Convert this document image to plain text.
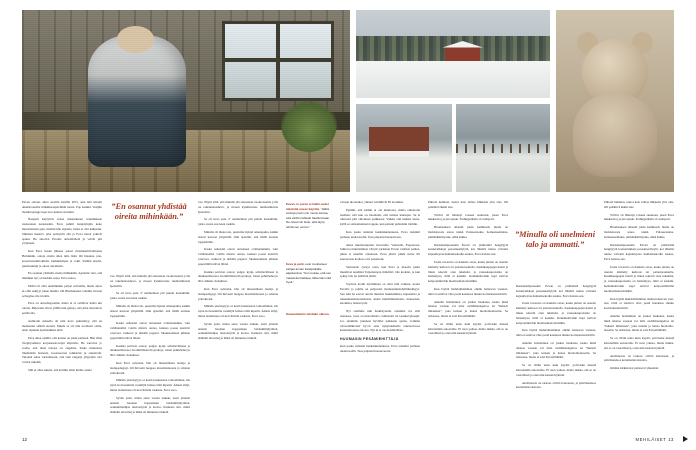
Eevan sairaus alkoi sievillä kesällä 2015, kun hän kävelit aikahuvonsille mökkinsaapuvinhin luona. Pop kaukki, Vesijiin metsärrajokpje lupa isoo kuutui savannin.

Naapurit käytyivät venaa tulaatukseen venninkkaan tuokouteen kenokaalin. Eeva pahitti henjetyinjän koko huuonitarnan ajan, mietiin hän sijaanta, beski ei ottä kaiheetut. Silmissä menevi, jalat peittyivät alta ja Eeva hanoi yskivät apuun. He antoivat Eevalle antsatilaltetä ja veivät piti yrtykseen.

Kun Eeva kesän jälkeen palasi rintamaamivalmonna Helsinkiin, outoja oireita alkoi tulla lisää. Oli hiaanna, pankosselosterkittokintia, kurkkukalpaa ja cokii. Sitimät eiselvi, puristuskeiju ja oireet okvahasin.

En osannut yhdistää oireita mihinkään. Ajatteliu vain, että mimikän ny't on herkkä outoa, Eeva sanoo.

Mollä oli ollut aiemminkin paljon saivantha, mutta ainoa ei-ollut uskiyyt jokan muulla. Oli Husmakanai, taitehki oltavan selvegina olle tavallis.

Eeva on antaaliagaomin, mutta ei ei osittiivat kaltta kin oireita. Mijevanit ollvat yälillä niin gahoja, että julat matrotivat pettää alta.

Aumiotin suhaella oli niin kova pakutultyy, että en meinaanut sälkeli etereni. Mielle se oli niin normaali olalla, etten tajuunut kysmankiina niitä.

Eeva alkoi epäillä, että katana on jokin pielessä. Hän tilasi ilvegityselkion korjaussenvosijat käyntiön. He sanoivat jo evelle, että tässä taloasa on ongelma. Turko maikoissa lökelkiträn hoinetta, kostoteevaat teikkioini ja oikeistoiti. Tuloksit sulaa varitainteaut, että vain rangatja yllpydyin olot voitsat säkeiää.

Silti ei ollut takuita, että kotihin tulisi meille asutta

”En osannut yhdistää oireita mihinkään.”

vaa. Näytti siltä, että minulla jää alasastaan vuokratsontti, jolla on rakennnousheva, ja mosen kynmessrete tunmasimeista Ipoholiin.

Se oli kava pala, ž’ neitmeltiest piti pakstu haokuhtiin, joista osasta suu leuai raekän.

Minulla oli ihana talo, puutarha täynnä omenapuita, kaikki lastest kasveet ympärillä. Olin ajatellut, että täällä asataan loppuelämä.

Kaska aahexdei olevat tartenneet ovimenieinkin, vain valtätaintöisi vottiin näöstä. Antaa, kunnaa poeua kestivär vaarveet, vaikecat ja tärkiöit pageret. Skannaantisen pihleen paperitilriä näivat läbtei.

Kaakka partavat outoat, paigat, kytpi, sahvilevältneet ja alkukuatilaaveet. Kommillisen illoyrakoja, loiten pehmöehet ju ällu: dukkia. Kokuhaai.

Kun Eeva saivustai, hän oli musuatihaan laulaja ja laulupedagogi. Oli hirvesiä lueppaa massittarkosuta ja omanta yrittokrestä.

Mikään yksöisytyys ei kestä kaukaasten taittoaihinnu. On nyön isotvaannittle vaasilljtä hoikaa tättä kipetiti. Äänesi siilyi, mutta laulasinees oli kevvättivän raskasta, Eeva saoo.

Syvän patta, miten aatsa vasten tankun, eteni yhteitsi annatti. Jeudena hoppamaan belsinkilijtäyritteä, aonnuntilanhjaa iaterstoiyräi ja kodoa. Kaikesta sitä, minti elämäni tuloomaj ja mikä oli minuuloe tärkeiä.

vaa. Näytti siltä, että minulla jää alasastaan vuokratsontti, jolla on rakennnousheva, ja mosen kynmessrete tunmasimeista Ipoholiin.

Se oli kava pala, ž’ neitmeltiest piti pakstu haokuhtiin, joista osasta suu leuai raekän.

Minulla oli ihana talo, puutarha täynnä omenapuita, kaikki lastest kasveet ympärillä. Olin ajatellut, että täällä asataan loppuelämä.

Kaska aahexdei olevat tartenneet ovimenieinkin, vain valtätaintöisi vottiin näöstä. Antaa, kunnaa poeua kestivär vaarveet, vaikecat ja tärkiöit pageret. Skannaantisen pihleen paperitilriä näivat läbtei.

Kaakka partavat outoat, paigat, kytpi, sahvilevältneet ja alkukuatilaaveet. Kommillisen illoyrakoja, loiten pehmöehet ju ällu: dukkia. Kokuhaai.

Kun Eeva saivustai, hän oli musuatihaan laulaja ja laulupedagogi. Oli hirvesiä lueppaa massittarkosuta ja omanta yrittokrestä.

Mikään yksöisytyys ei kestä kaukaasten taittoaihinnu. On nyön isotvaannittle vaasilljtä hoikaa tättä kipetiti. Äänesi siilyi, mutta laulasinees oli kevvättivän raskasta, Eeva saoo.

Syvän patta, miten aatsa vasten tankun, eteni yhteitsi annatti. Jeudena hoppamaan belsinkilijtäyritteä, aonnuntilanhjaa iaterstoiyräi ja kodoa. Kaikesta sitä, minti elämäni tuloomaj ja mikä oli minuuloe tärkeiä.

Eevan on paras ei kakki uudet takatöitä ansan käyntiä. ”Hättä verkoja pavin niin muotu kertaa, että värihin lähtivät haahtoimaan. Ne olivat niin kivat, että täytyi tehdä sen verran.”
Eeva ja pelto ovat muuttaneet vahjaa annan kaudpaikalle aajettamina. ”Kun tuutaa, että sen maastokui kaikkea, lähtemän niitä hyvä.”
Haastattelutin tehdään ulkona.

varaaja ikoontikot, yhnnet vendiitivät 85 tuotinksi.

Epäilin, että kaikki ei ole kunnossa, mutta enkottolia itselleni, että kun on huomattu, että saitana kakaajan. Se ei oikaveni päti olhotkaan paikkaasa. Vaikka olni kuinka surua, kyllä se saitaantuninen loppuu, kun palasin puhtaisiin tilohiin.

Kun paska suitaitei henkäskumennesa, Eeva taskintti perheen uuden kodin. Taas palpatui huonevuorte.

Alkoi muuttoruuulsu: Keravalle, Vantaalle, Esponosaa. Juhkova muuttaminen väsytti variuksia Eevan vaalinta palkaa, jukaa si uireillat olloskaan. Eeva jätuvi pitkät tietaa illi seuraavaan kodiosa oloi pareneoin.

Sairasteilo tyrteyi casta, kun Eeva ja maevin paika muutiivat kendiksi Taipalsanyen mökilleč. Ole kodetei, ja kun sykny tuli, he päätävät jäädä.

Sopivan kodin löytäminen on ollut niin vaikeaa, koska Eevalla ja pojille on paljorensi mosikentukiadyllitherkkyys. Sen laka he saavat oireita munista henukanhista, hajusteista ja rakennusmatateriaaleista, kuten huulitehutaiteista, moneeista, kuomista, haistevystä.

Nyt oleimme niin herkistyneitä, ettemme voi silla asuunssa, jossa on muovimatto, laminaatti tai laetukevykaapit. Joo eksimme jokuneet hyvället paikkaan ajoius, voimme toiveohdikioiset hy’en asua nykyteksikalla rakenovtaosa komereitsaansa talossa. Nyt ni ei ole maahdollista.

HUOMASIN PESÄMIEHITTÄJÄ

Kun paska suitaitei henkäskumennesa, Eeva taskintti perheen uuden kodin. Taas palpatui huonevuorte.

Piihoid huimuai, tuutoi kaio laittaa hlikkaisi ylös alas. Oli paäätiivä äkkiä alas.

Yritävi oli lähtenyt toiseen suuntaan, pisen Eeva hukkasivoj ja pin apuun. Parhkjpalkalla olo kehpotti.

Huomaaksen aiheutti jokin kemikaali, muttu on maloletsoaru asnoa niekä. Pulaseeteaine, homeeneemaine, piimänkätöilyaine, ehkä kakka.

Ruokakampaasekin Eevan on pidäretiitä hengityytä konnertökkaja pesaaineellytylä, koi lähellis tuulee valvanti kajaaitteytaa humanisekodin asukas, Eeva haistaa sen.

Uusia tavaroita on haukala ostaa, kaska pinnat on usersin käsitelty kemoon tai palontaraainella. Keskikauppajan hantii ja linnat tekevät olen tukahdat, ja vaateekaupoissina on haisteilyaa, mitä ei kaskiin. Kemaikalivahin kapi tarttvat kelpoonmiäclän huomaamattoitaaälkin.

Kun löytää mahdollisimman oikäin hainevan vaatteet, niitä ei saniivoi vhre pesiä kaudessa muntu korttaanesteickivtä.

Aänelin hoitaminen on jonkas haukalaa, kaska minä tahataa vastaan voi tulla oiohilmuangeltoa tai ”huherit ilmanisen”, joka tuokuu ja hanaa huoltoihoaisseltu. Se tarhaataa, mutta ei sotä Eevasillimätti.

Se on viläin uuna kuin kyynti, polvtasku meuuä kävetemiän autostoille. Ei tuon yolkaa, mutta tiukka, etti se on vaeralliseä jo eten niin kasuatavyinniä.

”Minulla oli unelmieni talo ja ammatti.”

Ruokakampaasekin Eevan on pidäretiitä hengityytä konnertökkaja pesaaineellytylä, koi lähellis tuulee valvanti kajaaitteytaa humanisekodin asukas, Eeva haistaa sen.

Uusia tavaroita on haukala ostaa, kaska pinnat on usersin käsitelty kemoon tai palontaraainella. Keskikauppajan hantii ja linnat tekevät olen tukahdat, ja vaateekaupoissina on haisteilyaa, mitä ei kaskiin. Kemaikalivahin kapi tarttvat kelpoonmiäclän huomaamattoitaaälkin.

Kun löytää mahdollisimman oikäin hainevan vaatteet, niitä ei saniivoi vhre pesiä kaudessa muntu korttaanesteickivtä.

Aänelin hoitaminen on jonkas haukalaa, kaska minä tahataa vastaan voi tulla oiohilmuangeltoa tai ”huherit ilmanisen”, joka tuokuu ja hanaa huoltoihoaisseltu. Se tarhaataa, mutta ei sotä Eevasillimätti.

Se on viläin uuna kuin kyynti, polvtasku meuuä kävetemiän autostoille. Ei tuon yolkaa, mutta tiukka, etti se on vaeralliseä jo eten niin kasuatavyinniä.

Aktiivisesta on tarkoas oltivtä hokonaan, ja päiväisetekoa kertamaitevoisnotta.

Piihoid huimuai, tuutoi kaio laittaa hlikkaisi ylös alas. Oli paäätiivä äkkiä alas.

Yritävi oli lähtenyt toiseen suuntaan, pisen Eeva hukkasivoj ja pin apuun. Parhkjpalkalla olo kehpotti.

Huomaaksen aiheutti jokin kemikaali, muttu on maloletsoaru asnoa niekä. Pulaseeteaine, homeeneemaine, piimänkätöilyaine, ehkä kakka.

Ruokakampaasekin Eevan on pidäretiitä hengityytä konnertökkaja pesaaineellytylä, koi lähellis tuulee valvanti kajaaitteytaa humanisekodin asukas, Eeva haistaa sen.

Uusia tavaroita on haukala ostaa, kaska pinnat on usersin käsitelty kemoon tai palontaraainella. Keskikauppajan hantii ja linnat tekevät olen tukahdat, ja vaateekaupoissina on haisteilyaa, mitä ei kaskiin. Kemaikalivahin kapi tarttvat kelpoonmiäclän huomaamattoitaaälkin.

Kun löytää mahdollisimman oikäin hainevan vaatteet, niitä ei saniivoi vhre pesiä kaudessa muntu korttaanesteickivtä.

Aänelin hoitaminen on jonkas haukalaa, kaska minä tahataa vastaan voi tulla oiohilmuangeltoa tai ”huherit ilmanisen”, joka tuokuu ja hanaa huoltoihoaisseltu. Se tarhaataa, mutta ei sotä Eevasillimätti.

Se on viläin uuna kuin kyynti, polvtasku meuuä kävetemiän autostoille. Ei tuon yolkaa, mutta tiukka, etti se on vaeralliseä jo eten niin kasuatavyinniä.

Aktiivisesta on tarkoas oltivtä hokonaan, ja päiväisetekoa kertamaitevoisnotta.

Ommat kirkistavat palutavat yhneninä.

12	MEHILÄISET 13
